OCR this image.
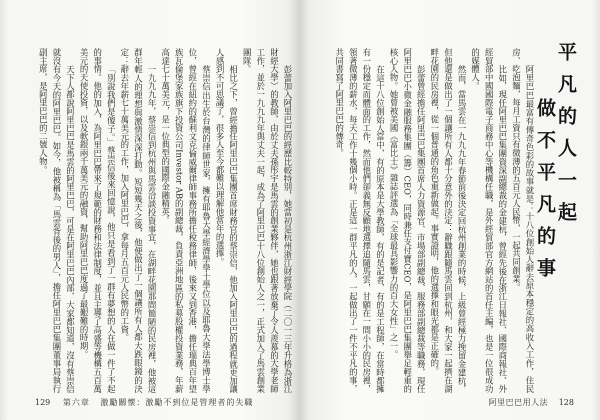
彭蕾加入阿里巴巴的經歷比較特別，她當初是杭州浙江財經學院（二〇一三年升格為浙江財經大學）的教師，由於丈夫孫彤宇是馬雲的創業夥伴，她也跟著放棄了令人羨慕的大學老師工作，並於一九九九年與丈夫一起，成為了阿里巴巴十八位創始人之一，正式加入了馬雲創業團隊。

相比之下，曾經擔任阿里巴巴集團首席財務官的蔡崇信，他加入阿里巴巴的過程就更加讓人感到不可思議了，很多人至今都難以理解他當年的選擇。

蔡崇信出生於台灣的律師世家，擁有耶魯大學經濟學學士學位以及耶魯大學法學博士學位，曾經在紐約的蘇利文克倫威爾律師事務所擔任稅務律師，後來又到香港，擔任瑞典百年望族瓦倫堡家族旗下投資公司Investor AB的副總裁，負責亞洲地區的私募股權投資業務，年薪高達七十萬美元，是一位典型的國際金融精英。

一九九九年，蔡崇信到杭州與馬雲洽談投資事宜，在湖畔花園那間簡陋的民房裡，他被這群年輕人的理想與激情深深打動。短短幾天之後，他便做出了一個讓所有人都大跌眼鏡的決定：辭去年薪七十萬美元的工作，加入阿里巴巴，拿每月五百元人民幣的工資。

「別說我們是傻子。」蔡崇信後來回憶說，他只是看到了一群有夢想的人在做一件了不起的事情。他的加入，為阿里巴巴帶來了規範的財務和法律制度，並且主導了高盛等機構五百萬美元的天使投資，以及軟銀兩千萬美元的融資，幫助阿里巴巴度過了最艱難的時期。

天下人都說阿里巴巴是馬雲的阿里巴巴，可是在阿里巴巴內部，大家都知道，沒有蔡崇信就沒有今天的阿里巴巴。如今，他被稱為「馬雲背後的男人」，擔任阿里巴巴集團董事局執行副主席，是阿里巴巴的二號人物。

129 第六章 激勵關懷：激勵不到位是管理者的失職
平凡的人一起
做不平凡的事

阿里巴巴最富有傳奇色彩的故事就是：十八位創始人辭去原本穩定的高收入工作，住民房、吃泡麵，每月工資只有微薄的五百元人民幣，一起共同創業。

比如，現任阿里巴巴集團資深副總裁的金建杭，曾經先後在浙江日報社、國際商報社、外經貿部中國國際電子商務中心等機構任職，是外經貿部官方網站的首任主編，也是一位很成功的媒體人。

然而，當馬雲在一九九九年春節前後決定回杭州創業的時候，上級曾經極力挽留金建杭，但他還是做出了一個讓所有人都十分意外的決定：辭職跟隨馬雲回到杭州，和大家一起擠在湖畔花園的民房裡，從一個普通的角色重新做起。事實證明，他的選擇和眼光都是正確的。

彭蕾曾經擔任阿里巴巴集團首席人力資源官、市場部副總裁、服務部副總裁等職務，現任阿里巴巴小微金融服務集團（籌）CEO，同時兼任支付寶CEO，是阿里巴巴集團舉足輕重的核心人物。她曾被美國《富比士》雜誌評選為「全球最具影響力的百大女性」之一。

在這十八位創始人當中，有的原本是大學教師，有的是記者，有的是工程師，在當時都擁有一份穩定而體面的工作，然而他們卻義無反顧地選擇追隨馬雲，甘願在一間小小的民房裡，領著微薄的薪水，每天工作十幾個小時。正是這一群平凡的人，一起做出了一件不平凡的事，共同書寫了阿里巴巴的傳奇。

阿里巴巴用人法 128
